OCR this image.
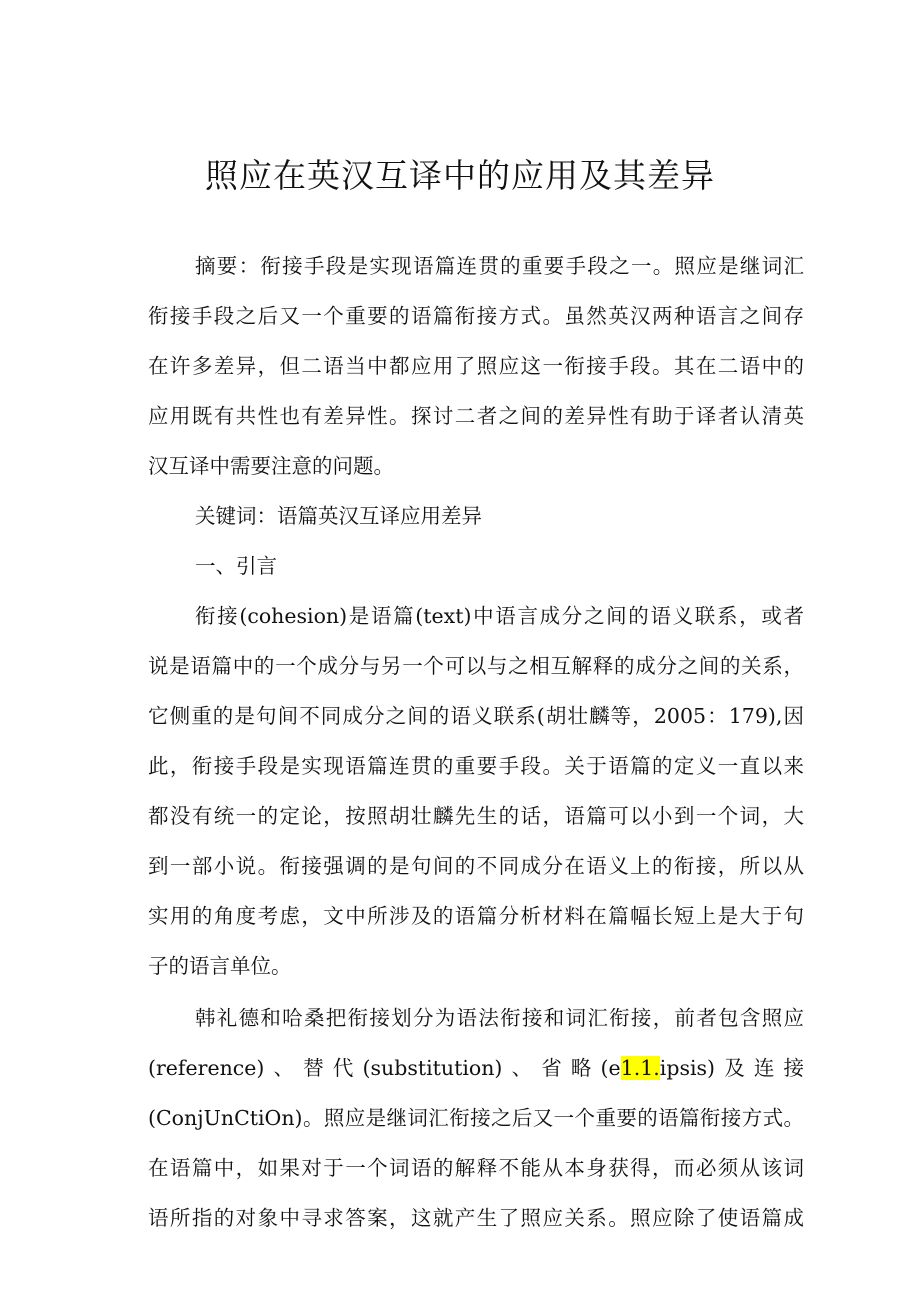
照应在英汉互译中的应用及其差异
摘要：衔接手段是实现语篇连贯的重要手段之一。照应是继词汇
衔接手段之后又一个重要的语篇衔接方式。虽然英汉两种语言之间存
在许多差异，但二语当中都应用了照应这一衔接手段。其在二语中的
应用既有共性也有差异性。探讨二者之间的差异性有助于译者认清英
汉互译中需要注意的问题。
关键词：语篇英汉互译应用差异
一、引言
衔接(cohesion)是语篇(text)中语言成分之间的语义联系，或者
说是语篇中的一个成分与另一个可以与之相互解释的成分之间的关系，
它侧重的是句间不同成分之间的语义联系(胡壮麟等，2005：179),因
此，衔接手段是实现语篇连贯的重要手段。关于语篇的定义一直以来
都没有统一的定论，按照胡壮麟先生的话，语篇可以小到一个词，大
到一部小说。衔接强调的是句间的不同成分在语义上的衔接，所以从
实用的角度考虑，文中所涉及的语篇分析材料在篇幅长短上是大于句
子的语言单位。
韩礼德和哈桑把衔接划分为语法衔接和词汇衔接，前者包含照应
(reference)、替代(substitution)、省略(e1.1.ipsis)及连接
(ConjUnCtiOn)。照应是继词汇衔接之后又一个重要的语篇衔接方式。
在语篇中，如果对于一个词语的解释不能从本身获得，而必须从该词
语所指的对象中寻求答案，这就产生了照应关系。照应除了使语篇成
